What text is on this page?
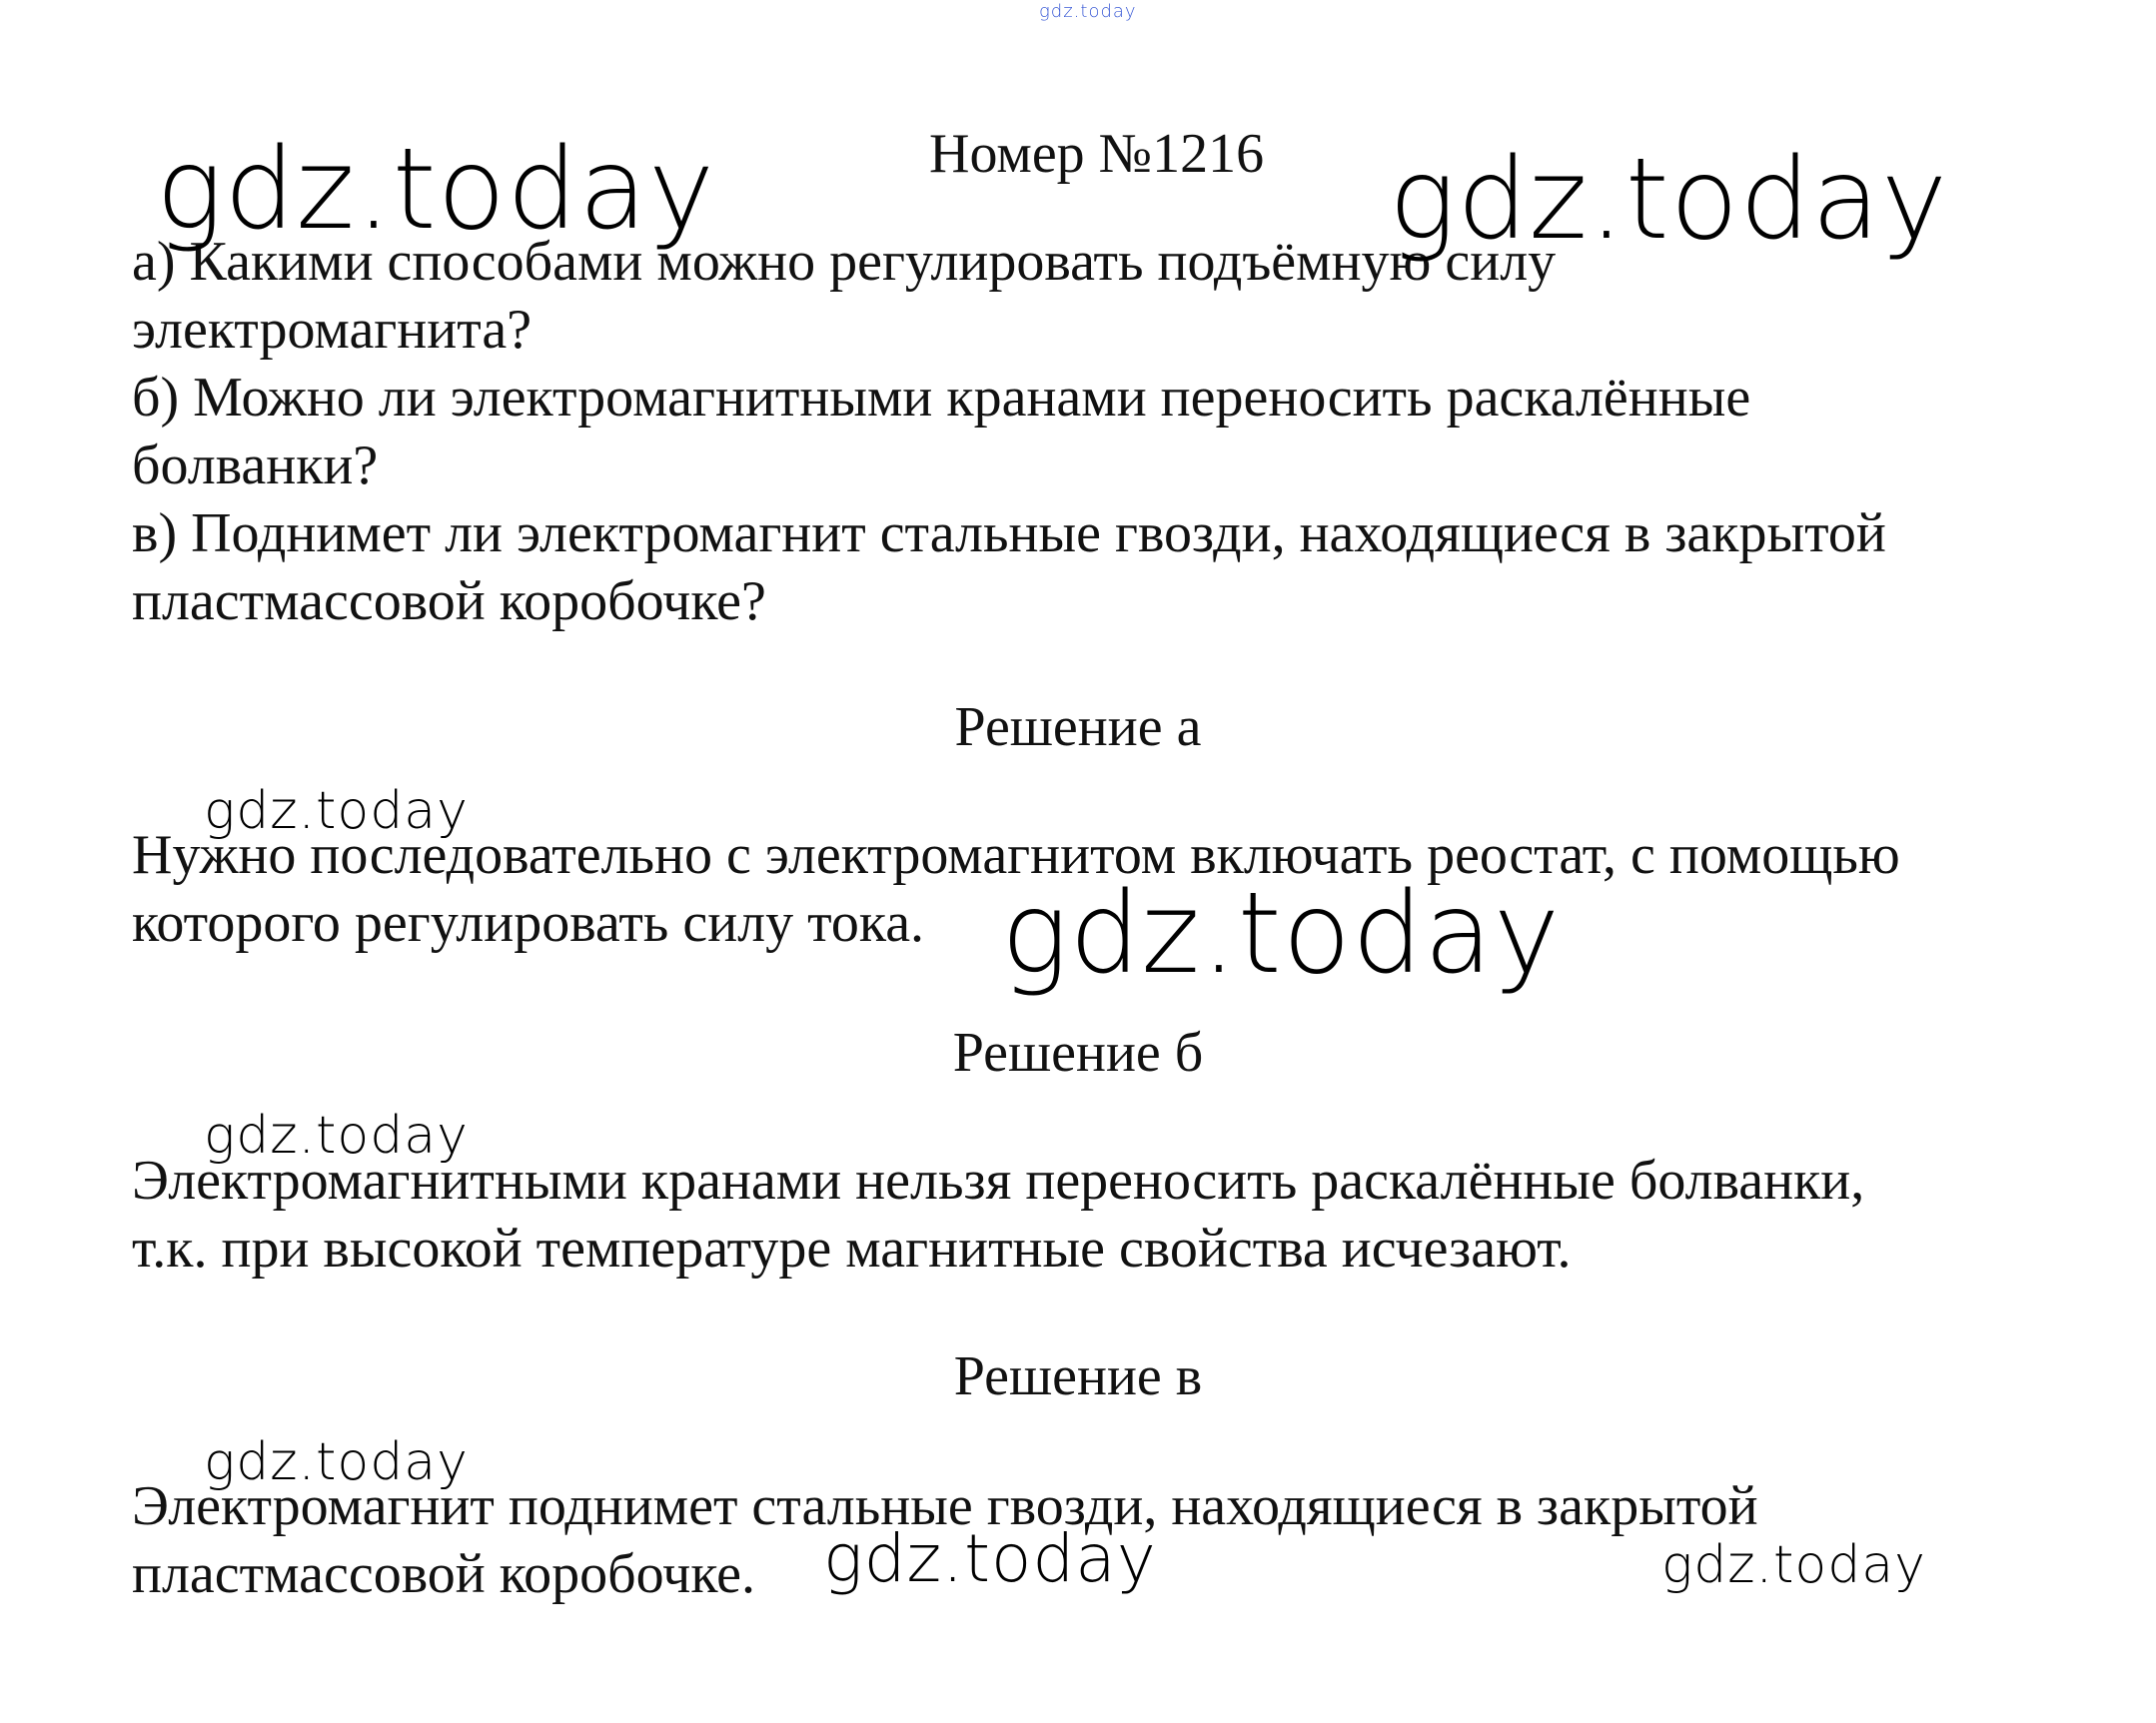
gdz.today
Номер №1216
а) Какими способами можно регулировать подъёмную силу
электромагнита?
б) Можно ли электромагнитными кранами переносить раскалённые
болванки?
в) Поднимет ли электромагнит стальные гвозди, находящиеся в закрытой
пластмассовой коробочке?
Решение а
Нужно последовательно с электромагнитом включать реостат, с помощью
которого регулировать силу тока.
Решение б
Электромагнитными кранами нельзя переносить раскалённые болванки,
т.к. при высокой температуре магнитные свойства исчезают.
Решение в
Электромагнит поднимет стальные гвозди, находящиеся в закрытой
пластмассовой коробочке.
gdz.today	gdz.today
gdz.today
gdz.today
gdz.today
gdz.today
gdz.today	gdz.today
